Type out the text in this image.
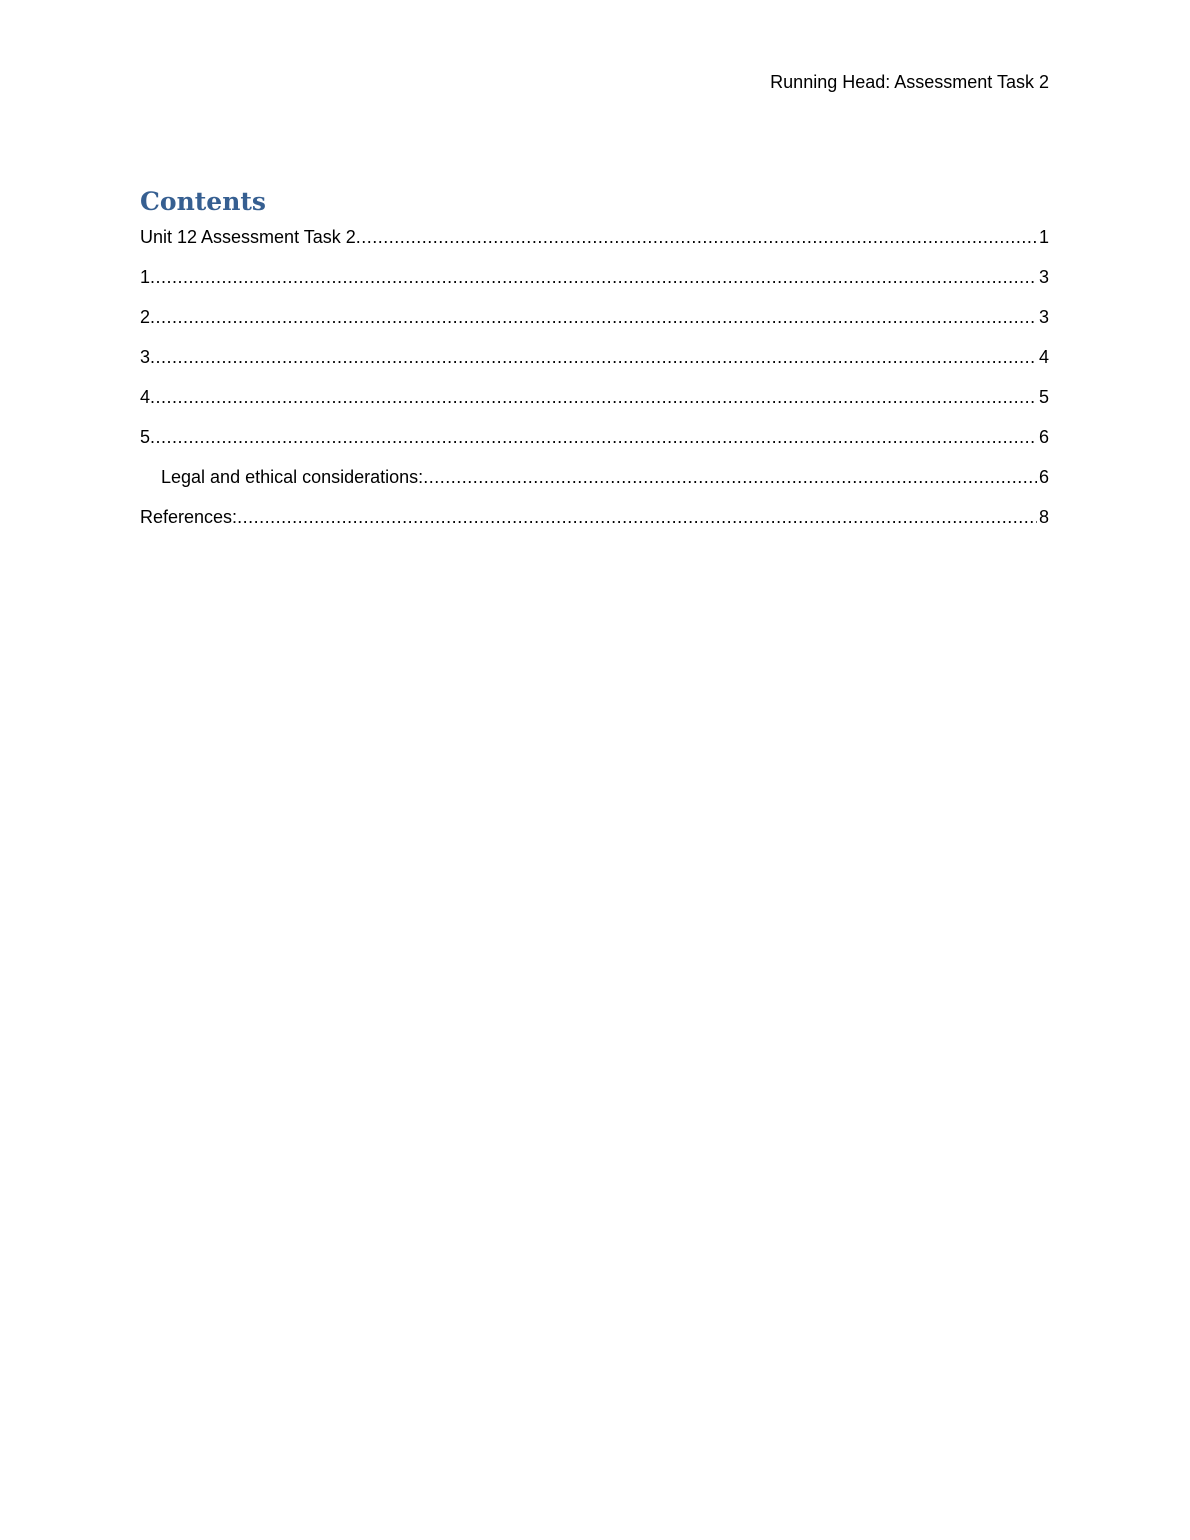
Running Head: Assessment Task 2
Contents
Unit 12 Assessment Task 2 .....	1
1 .....	3
2 .....	3
3 .....	4
4 .....	5
5 .....	6
Legal and ethical considerations: .....	6
References: .....	8
